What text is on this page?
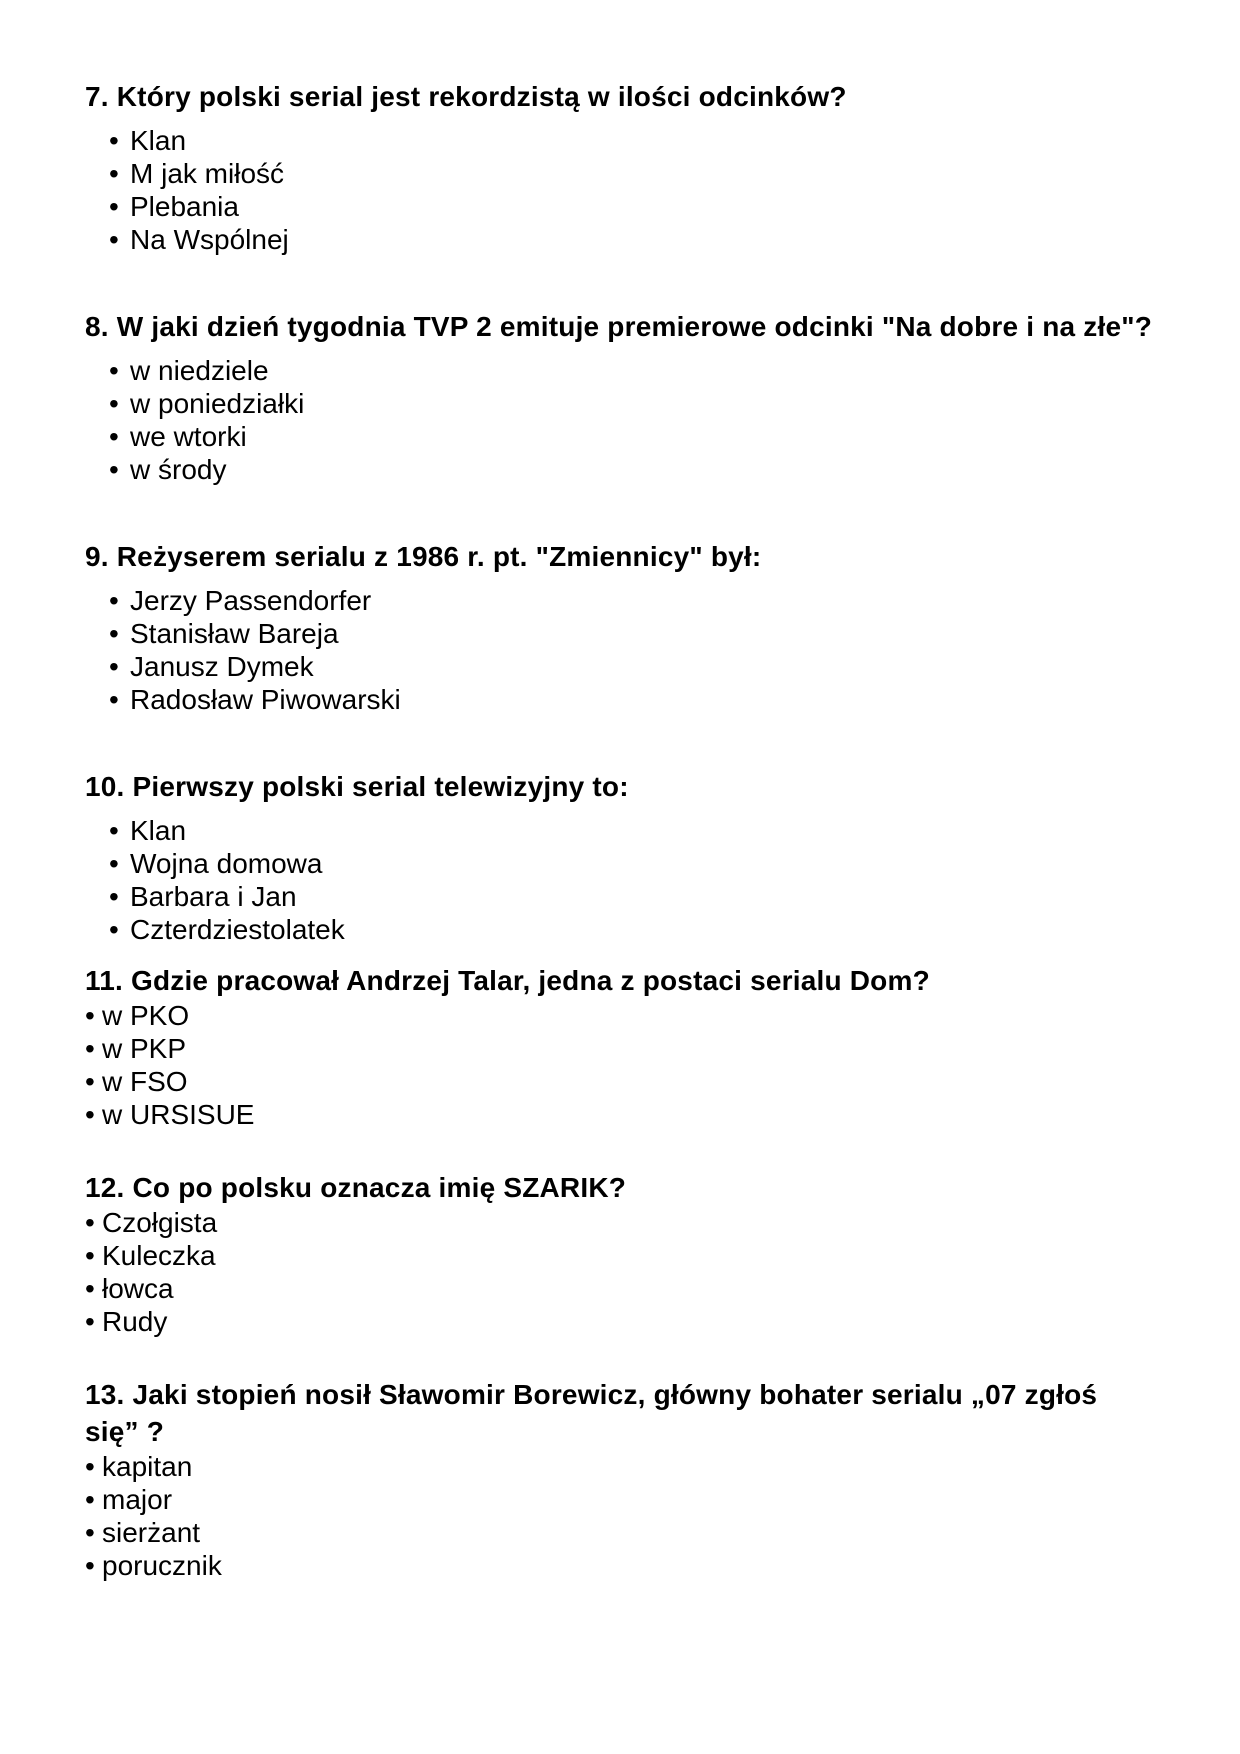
7. Który polski serial jest rekordzistą w ilości odcinków?
• Klan
• M jak miłość
• Plebania
• Na Wspólnej
8. W jaki dzień tygodnia TVP 2 emituje premierowe odcinki "Na dobre i na złe"?
• w niedziele
• w poniedziałki
• we wtorki
• w środy
9. Reżyserem serialu z 1986 r. pt. "Zmiennicy" był:
• Jerzy Passendorfer
• Stanisław Bareja
• Janusz Dymek
• Radosław Piwowarski
10. Pierwszy polski serial telewizyjny to:
• Klan
• Wojna domowa
• Barbara i Jan
• Czterdziestolatek
11. Gdzie pracował Andrzej Talar, jedna z postaci serialu Dom?
• w PKO
• w PKP
• w FSO
• w URSISUE
12. Co po polsku oznacza imię SZARIK?
• Czołgista
• Kuleczka
• łowca
• Rudy
13. Jaki stopień nosił Sławomir Borewicz, główny bohater serialu „07 zgłoś się” ?
• kapitan
• major
• sierżant
• porucznik
